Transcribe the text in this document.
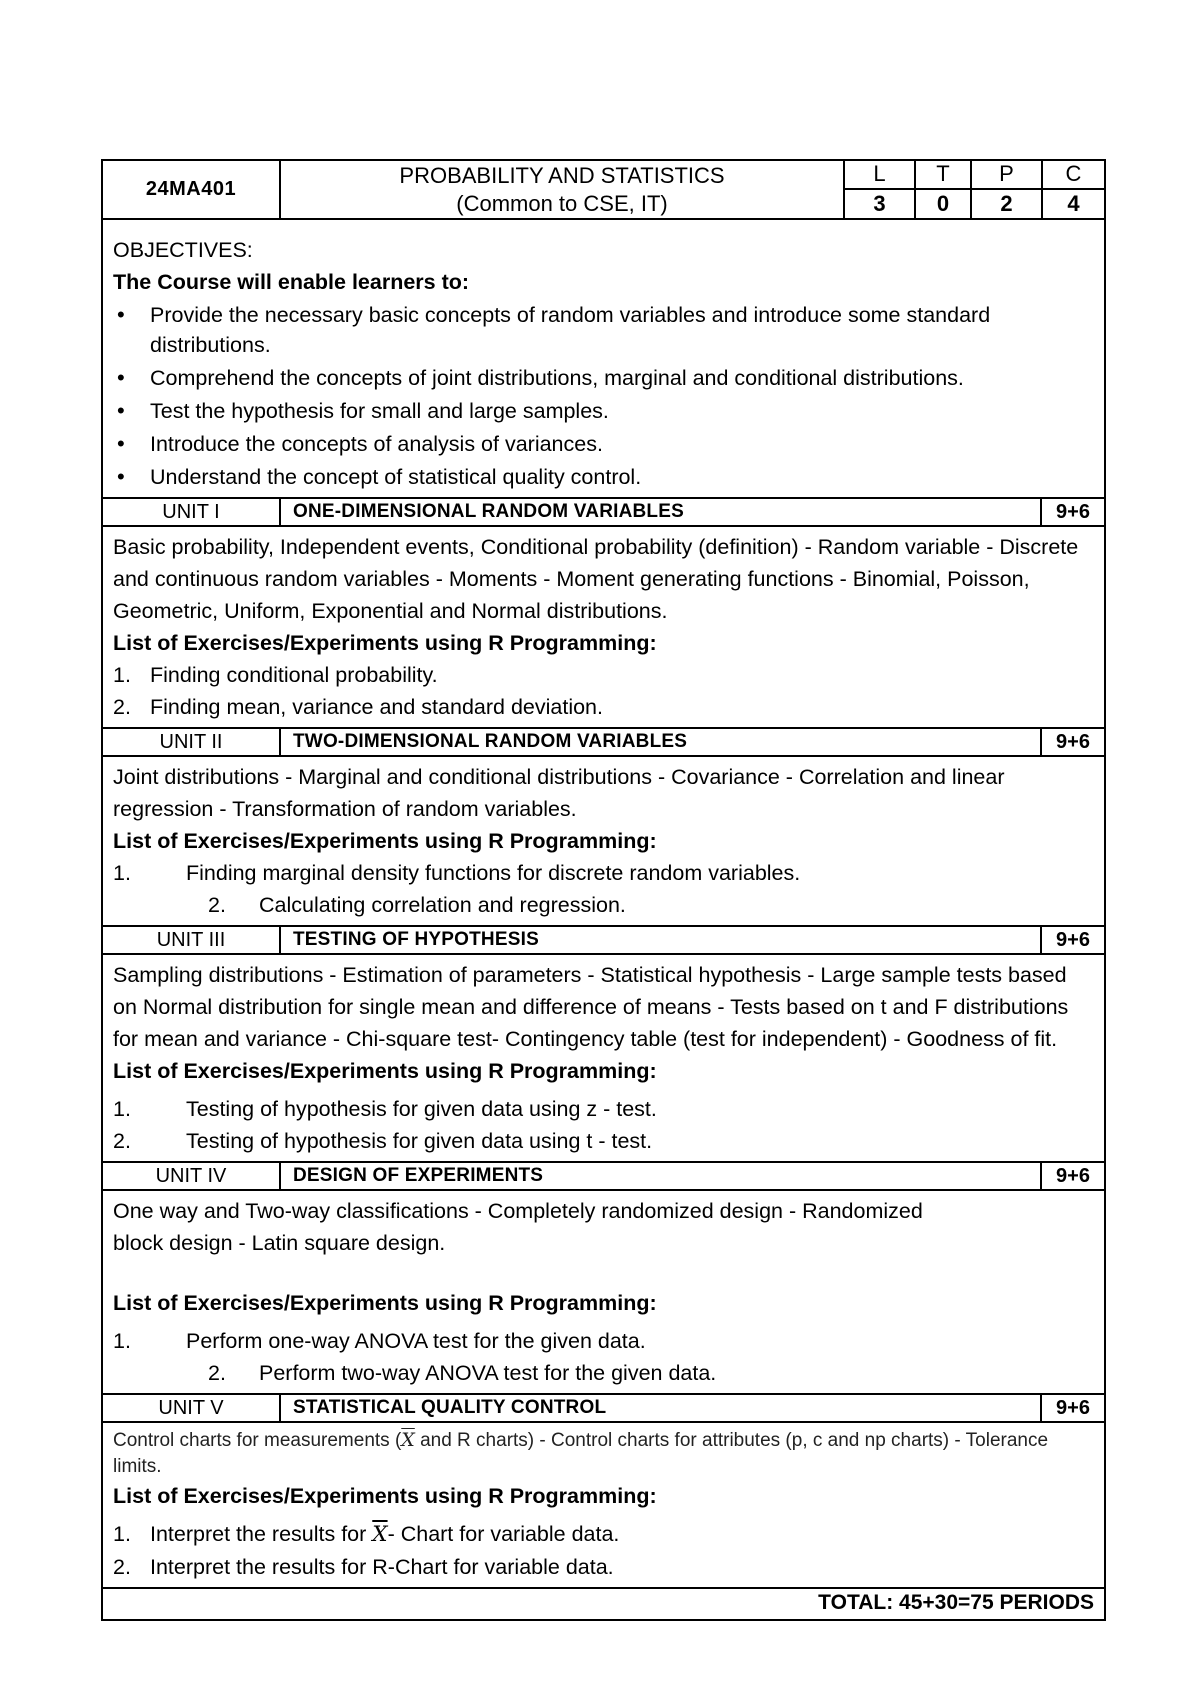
24MA401
PROBABILITY AND STATISTICS
(Common to CSE, IT)
L	T	P	C
3	0	2	4

OBJECTIVES:

The Course will enable learners to:

• Provide the necessary basic concepts of random variables and introduce some standard distributions.
• Comprehend the concepts of joint distributions, marginal and conditional distributions.
• Test the hypothesis for small and large samples.
• Introduce the concepts of analysis of variances.
• Understand the concept of statistical quality control.
UNIT I	ONE-DIMENSIONAL RANDOM VARIABLES	9+6

Basic probability, Independent events, Conditional probability (definition) - Random variable - Discrete and continuous random variables - Moments - Moment generating functions - Binomial, Poisson, Geometric, Uniform, Exponential and Normal distributions.

List of Exercises/Experiments using R Programming:

1. Finding conditional probability.
2. Finding mean, variance and standard deviation.
UNIT II	TWO-DIMENSIONAL RANDOM VARIABLES	9+6

Joint distributions - Marginal and conditional distributions - Covariance - Correlation and linear regression - Transformation of random variables.

List of Exercises/Experiments using R Programming:

1.	Finding marginal density functions for discrete random variables.
2. Calculating correlation and regression.
UNIT III	TESTING OF HYPOTHESIS	9+6

Sampling distributions - Estimation of parameters - Statistical hypothesis - Large sample tests based on Normal distribution for single mean and difference of means - Tests based on t and F distributions for mean and variance - Chi-square test- Contingency table (test for independent) - Goodness of fit.

List of Exercises/Experiments using R Programming:

1.	Testing of hypothesis for given data using z - test.
2.	Testing of hypothesis for given data using t - test.
UNIT IV	DESIGN OF EXPERIMENTS	9+6

One way and Two-way classifications - Completely randomized design - Randomized block design - Latin square design.

List of Exercises/Experiments using R Programming:

1.	Perform one-way ANOVA test for the given data.
2. Perform two-way ANOVA test for the given data.
UNIT V	STATISTICAL QUALITY CONTROL	9+6

Control charts for measurements ($\overline{X}$ and R charts) - Control charts for attributes (p, c and np charts) - Tolerance limits.

List of Exercises/Experiments using R Programming:

1. Interpret the results for $\overline{X}-$ Chart for variable data.
2. Interpret the results for R-Chart for variable data.
TOTAL: 45+30=75 PERIODS
